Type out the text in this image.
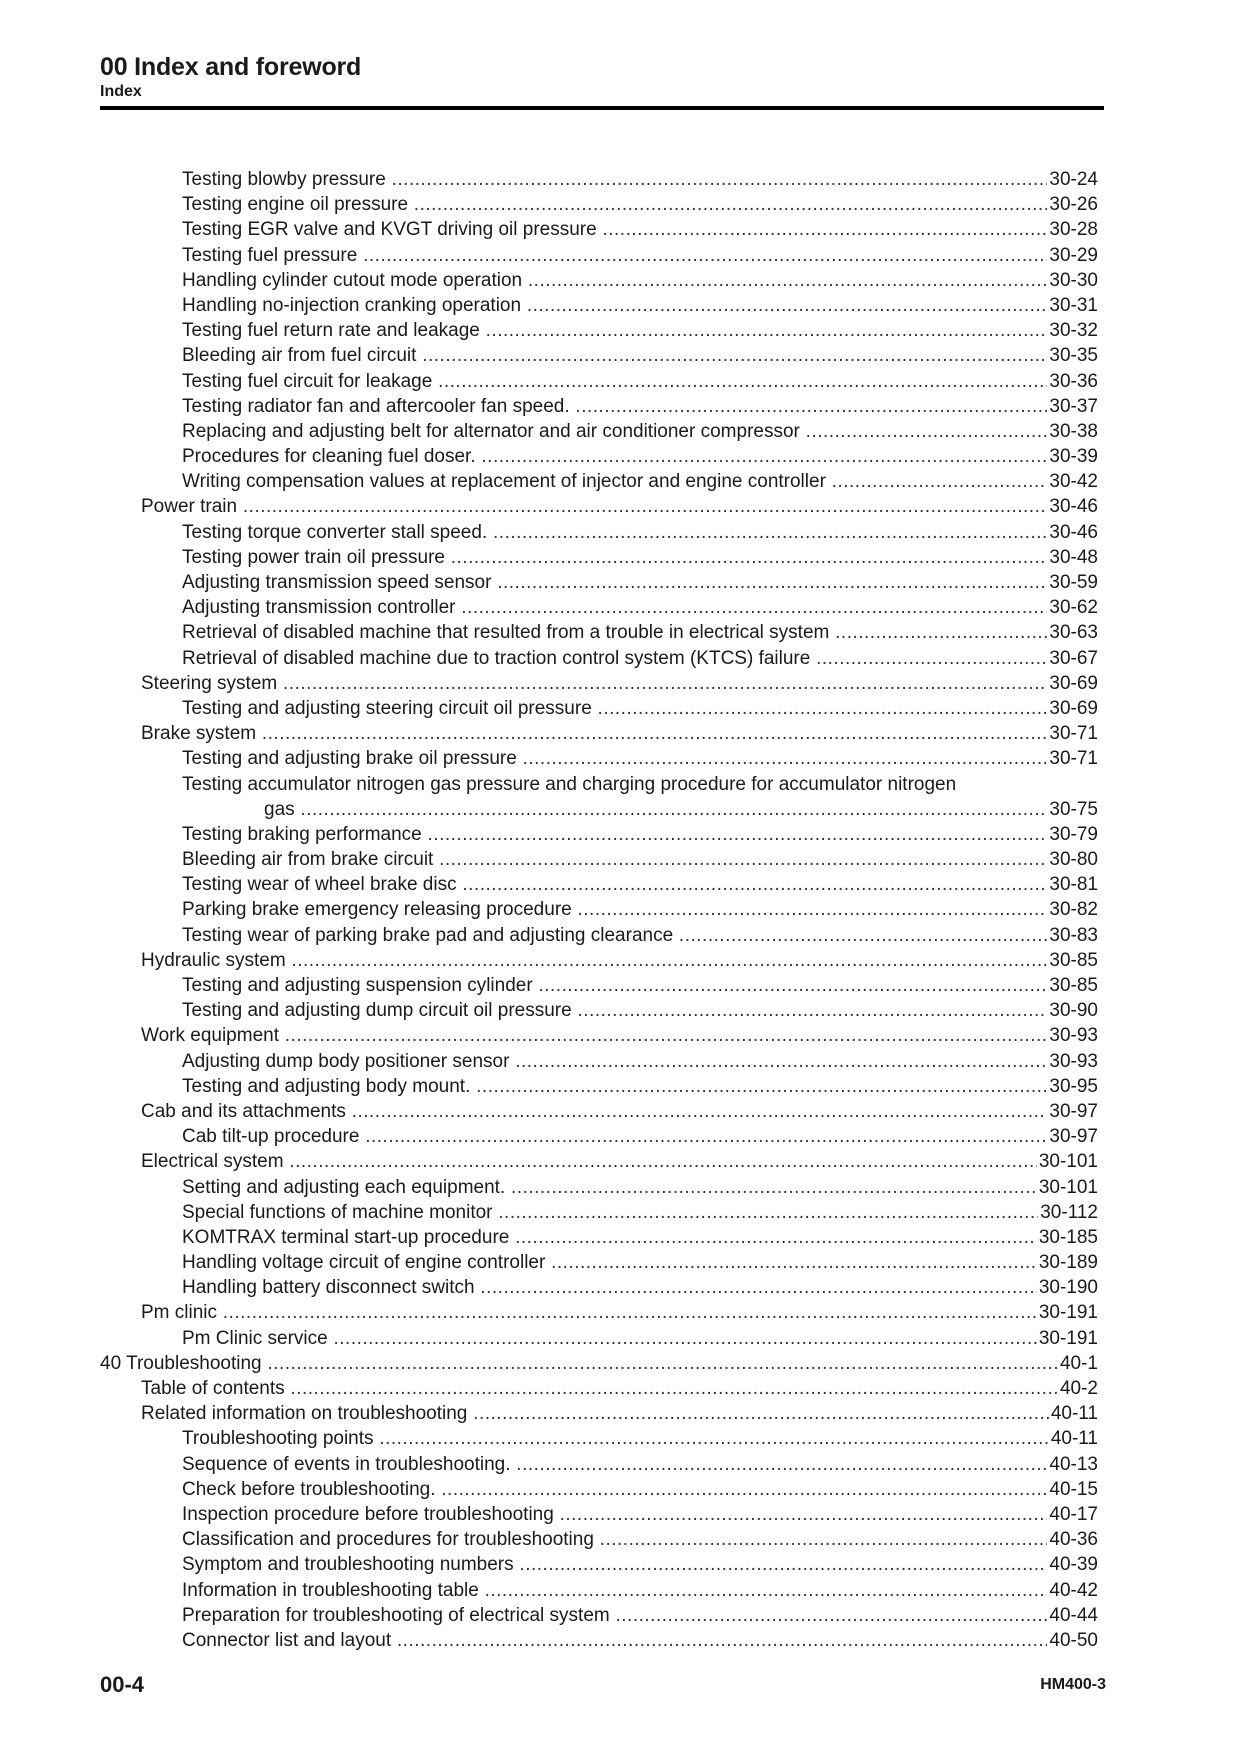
00 Index and foreword
Index
Testing blowby pressure .....	30-24
Testing engine oil pressure .....	30-26
Testing EGR valve and KVGT driving oil pressure .....	30-28
Testing fuel pressure .....	30-29
Handling cylinder cutout mode operation .....	30-30
Handling no-injection cranking operation .....	30-31
Testing fuel return rate and leakage .....	30-32
Bleeding air from fuel circuit .....	30-35
Testing fuel circuit for leakage .....	30-36
Testing radiator fan and aftercooler fan speed. .....	30-37
Replacing and adjusting belt for alternator and air conditioner compressor .....	30-38
Procedures for cleaning fuel doser. .....	30-39
Writing compensation values at replacement of injector and engine controller .....	30-42
Power train .....	30-46
Testing torque converter stall speed. .....	30-46
Testing power train oil pressure .....	30-48
Adjusting transmission speed sensor .....	30-59
Adjusting transmission controller .....	30-62
Retrieval of disabled machine that resulted from a trouble in electrical system .....	30-63
Retrieval of disabled machine due to traction control system (KTCS) failure .....	30-67
Steering system .....	30-69
Testing and adjusting steering circuit oil pressure .....	30-69
Brake system .....	30-71
Testing and adjusting brake oil pressure .....	30-71
Testing accumulator nitrogen gas pressure and charging procedure for accumulator nitrogen
gas .....	30-75
Testing braking performance .....	30-79
Bleeding air from brake circuit .....	30-80
Testing wear of wheel brake disc .....	30-81
Parking brake emergency releasing procedure .....	30-82
Testing wear of parking brake pad and adjusting clearance .....	30-83
Hydraulic system .....	30-85
Testing and adjusting suspension cylinder .....	30-85
Testing and adjusting dump circuit oil pressure .....	30-90
Work equipment .....	30-93
Adjusting dump body positioner sensor .....	30-93
Testing and adjusting body mount. .....	30-95
Cab and its attachments .....	30-97
Cab tilt-up procedure .....	30-97
Electrical system .....	30-101
Setting and adjusting each equipment. .....	30-101
Special functions of machine monitor .....	30-112
KOMTRAX terminal start-up procedure .....	30-185
Handling voltage circuit of engine controller .....	30-189
Handling battery disconnect switch .....	30-190
Pm clinic .....	30-191
Pm Clinic service .....	30-191
40 Troubleshooting .....	40-1
Table of contents .....	40-2
Related information on troubleshooting .....	40-11
Troubleshooting points .....	40-11
Sequence of events in troubleshooting. .....	40-13
Check before troubleshooting. .....	40-15
Inspection procedure before troubleshooting .....	40-17
Classification and procedures for troubleshooting .....	40-36
Symptom and troubleshooting numbers .....	40-39
Information in troubleshooting table .....	40-42
Preparation for troubleshooting of electrical system .....	40-44
Connector list and layout .....	40-50
00-4	HM400-3
